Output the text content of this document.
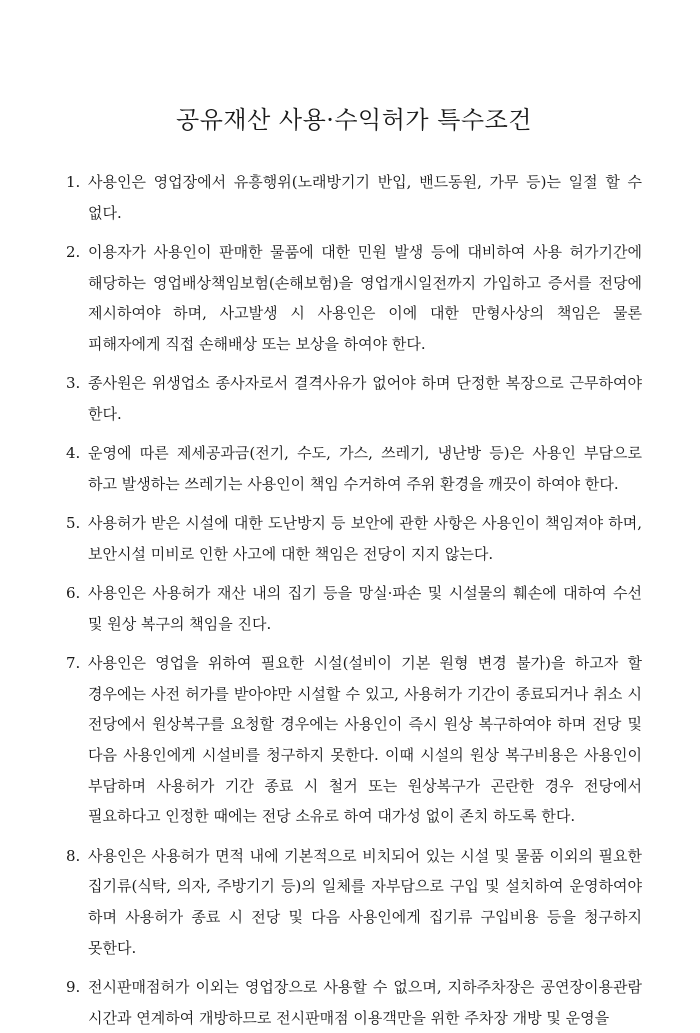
공유재산 사용·수익허가 특수조건
1. 사용인은 영업장에서 유흥행위(노래방기기 반입, 밴드동원, 가무 등)는 일절 할 수 없다.
2. 이용자가 사용인이 판매한 물품에 대한 민원 발생 등에 대비하여 사용 허가기간에 해당하는 영업배상책임보험(손해보험)을 영업개시일전까지 가입하고 증서를 전당에 제시하여야 하며, 사고발생 시 사용인은 이에 대한 만형사상의 책임은 물론 피해자에게 직접 손해배상 또는 보상을 하여야 한다.
3. 종사원은 위생업소 종사자로서 결격사유가 없어야 하며 단정한 복장으로 근무하여야 한다.
4. 운영에 따른 제세공과금(전기, 수도, 가스, 쓰레기, 냉난방 등)은 사용인 부담으로 하고 발생하는 쓰레기는 사용인이 책임 수거하여 주위 환경을 깨끗이 하여야 한다.
5. 사용허가 받은 시설에 대한 도난방지 등 보안에 관한 사항은 사용인이 책임져야 하며, 보안시설 미비로 인한 사고에 대한 책임은 전당이 지지 않는다.
6. 사용인은 사용허가 재산 내의 집기 등을 망실·파손 및 시설물의 훼손에 대하여 수선 및 원상 복구의 책임을 진다.
7. 사용인은 영업을 위하여 필요한 시설(설비이 기본 원형 변경 불가)을 하고자 할 경우에는 사전 허가를 받아야만 시설할 수 있고, 사용허가 기간이 종료되거나 취소 시 전당에서 원상복구를 요청할 경우에는 사용인이 즉시 원상 복구하여야 하며 전당 및 다음 사용인에게 시설비를 청구하지 못한다. 이때 시설의 원상 복구비용은 사용인이 부담하며 사용허가 기간 종료 시 철거 또는 원상복구가 곤란한 경우 전당에서 필요하다고 인정한 때에는 전당 소유로 하여 대가성 없이 존치 하도록 한다.
8. 사용인은 사용허가 면적 내에 기본적으로 비치되어 있는 시설 및 물품 이외의 필요한 집기류(식탁, 의자, 주방기기 등)의 일체를 자부담으로 구입 및 설치하여 운영하여야 하며 사용허가 종료 시 전당 및 다음 사용인에게 집기류 구입비용 등을 청구하지 못한다.
9. 전시판매점허가 이외는 영업장으로 사용할 수 없으며, 지하주차장은 공연장이용관람 시간과 연계하여 개방하므로 전시판매점 이용객만을 위한 주차장 개방 및 운영을
